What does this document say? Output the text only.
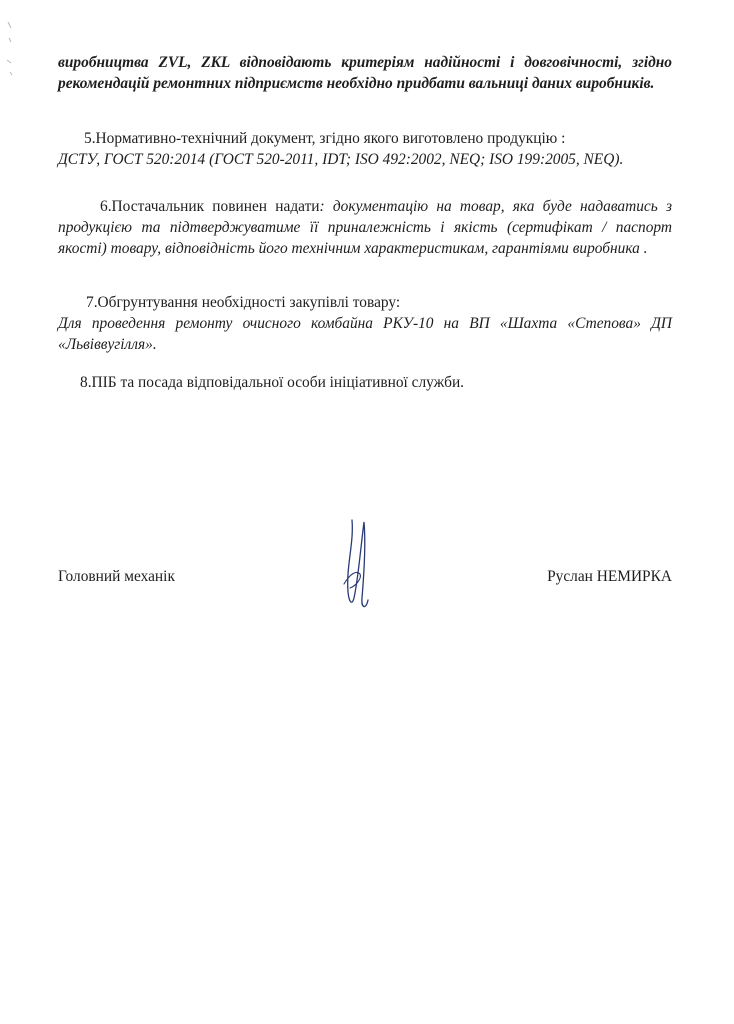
виробництва ZVL, ZKL відповідають критеріям надійності і довговічності, згідно рекомендацій ремонтних підприємств необхідно придбати вальниці даних виробників.

5.Нормативно-технічний документ, згідно якого виготовлено продукцію :
ДСТУ, ГОСТ 520:2014 (ГОСТ 520-2011, IDT; ISO 492:2002, NEQ; ISO 199:2005, NEQ).
6.Постачальник повинен надати: документацію на товар, яка буде надаватись з продукцією та підтверджуватиме її приналежність і якість (сертифікат / паспорт якості) товару, відповідність його технічним характеристикам, гарантіями виробника .
7.Обгрунтування необхідності закупівлі товару:
Для проведення ремонту очисного комбайна РКУ-10 на ВП «Шахта «Степова» ДП «Львіввугілля».
8.ПІБ та посада відповідальної особи ініціативної служби.
Головний механік	Руслан НЕМИРКА
